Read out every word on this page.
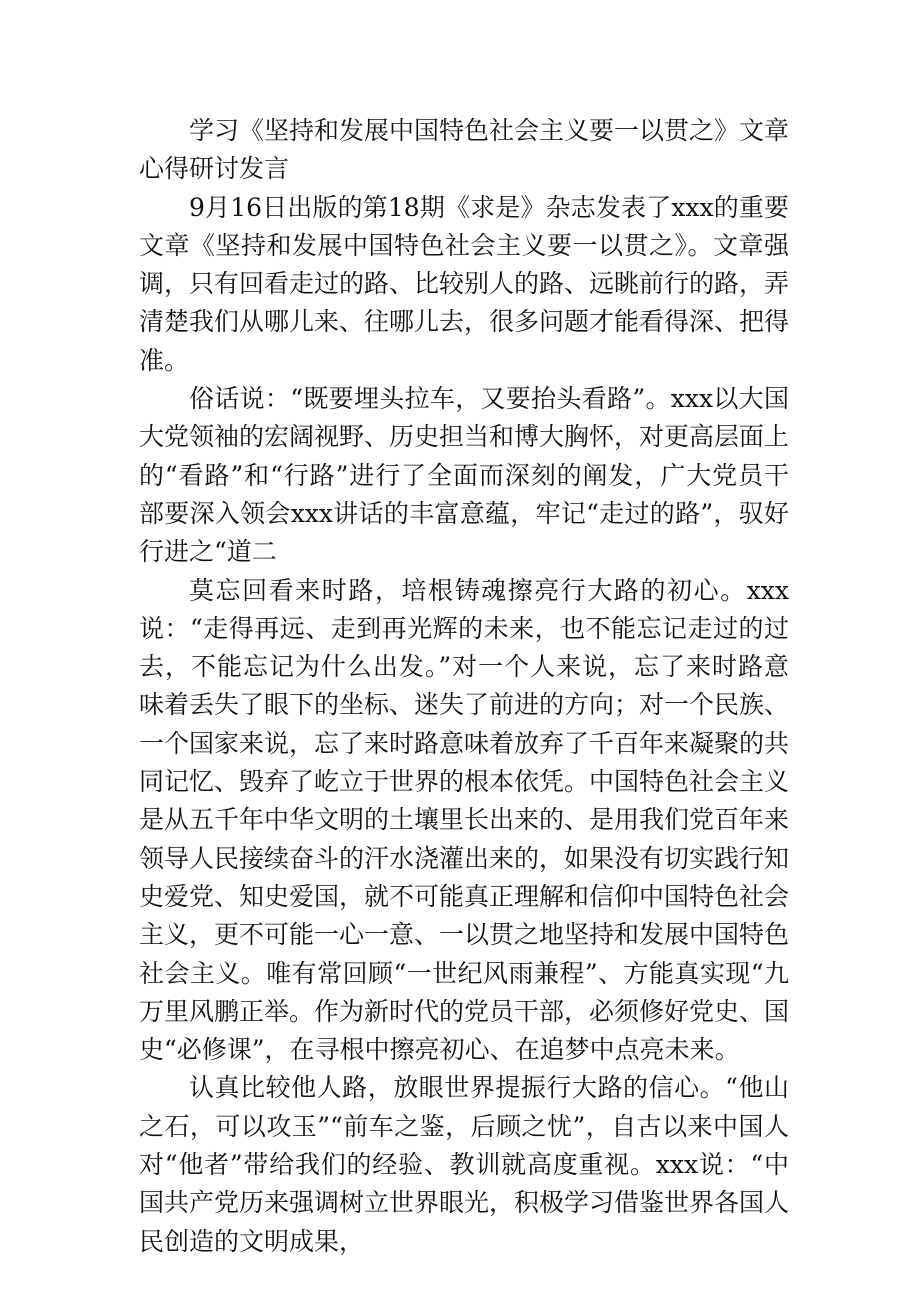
学习《坚持和发展中国特色社会主义要一以贯之》文章心得研讨发言

9月16日出版的第18期《求是》杂志发表了xxx的重要文章《坚持和发展中国特色社会主义要一以贯之》。文章强调，只有回看走过的路、比较别人的路、远眺前行的路，弄清楚我们从哪儿来、往哪儿去，很多问题才能看得深、把得准。

俗话说：“既要埋头拉车，又要抬头看路”。xxx以大国大党领袖的宏阔视野、历史担当和博大胸怀，对更高层面上的“看路”和“行路”进行了全面而深刻的阐发，广大党员干部要深入领会xxx讲话的丰富意蕴，牢记“走过的路”，驭好行进之“道二

莫忘回看来时路，培根铸魂擦亮行大路的初心。xxx说：“走得再远、走到再光辉的未来，也不能忘记走过的过去，不能忘记为什么出发。”对一个人来说，忘了来时路意味着丢失了眼下的坐标、迷失了前进的方向；对一个民族、一个国家来说，忘了来时路意味着放弃了千百年来凝聚的共同记忆、毁弃了屹立于世界的根本依凭。中国特色社会主义是从五千年中华文明的土壤里长出来的、是用我们党百年来领导人民接续奋斗的汗水浇灌出来的，如果没有切实践行知史爱党、知史爱国，就不可能真正理解和信仰中国特色社会主义，更不可能一心一意、一以贯之地坚持和发展中国特色社会主义。唯有常回顾“一世纪风雨兼程”、方能真实现“九万里风鹏正举。作为新时代的党员干部，必须修好党史、国史“必修课”，在寻根中擦亮初心、在追梦中点亮未来。

认真比较他人路，放眼世界提振行大路的信心。“他山之石，可以攻玉”“前车之鉴，后顾之忧”，自古以来中国人对“他者”带给我们的经验、教训就高度重视。xxx说：“中国共产党历来强调树立世界眼光，积极学习借鉴世界各国人民创造的文明成果，
